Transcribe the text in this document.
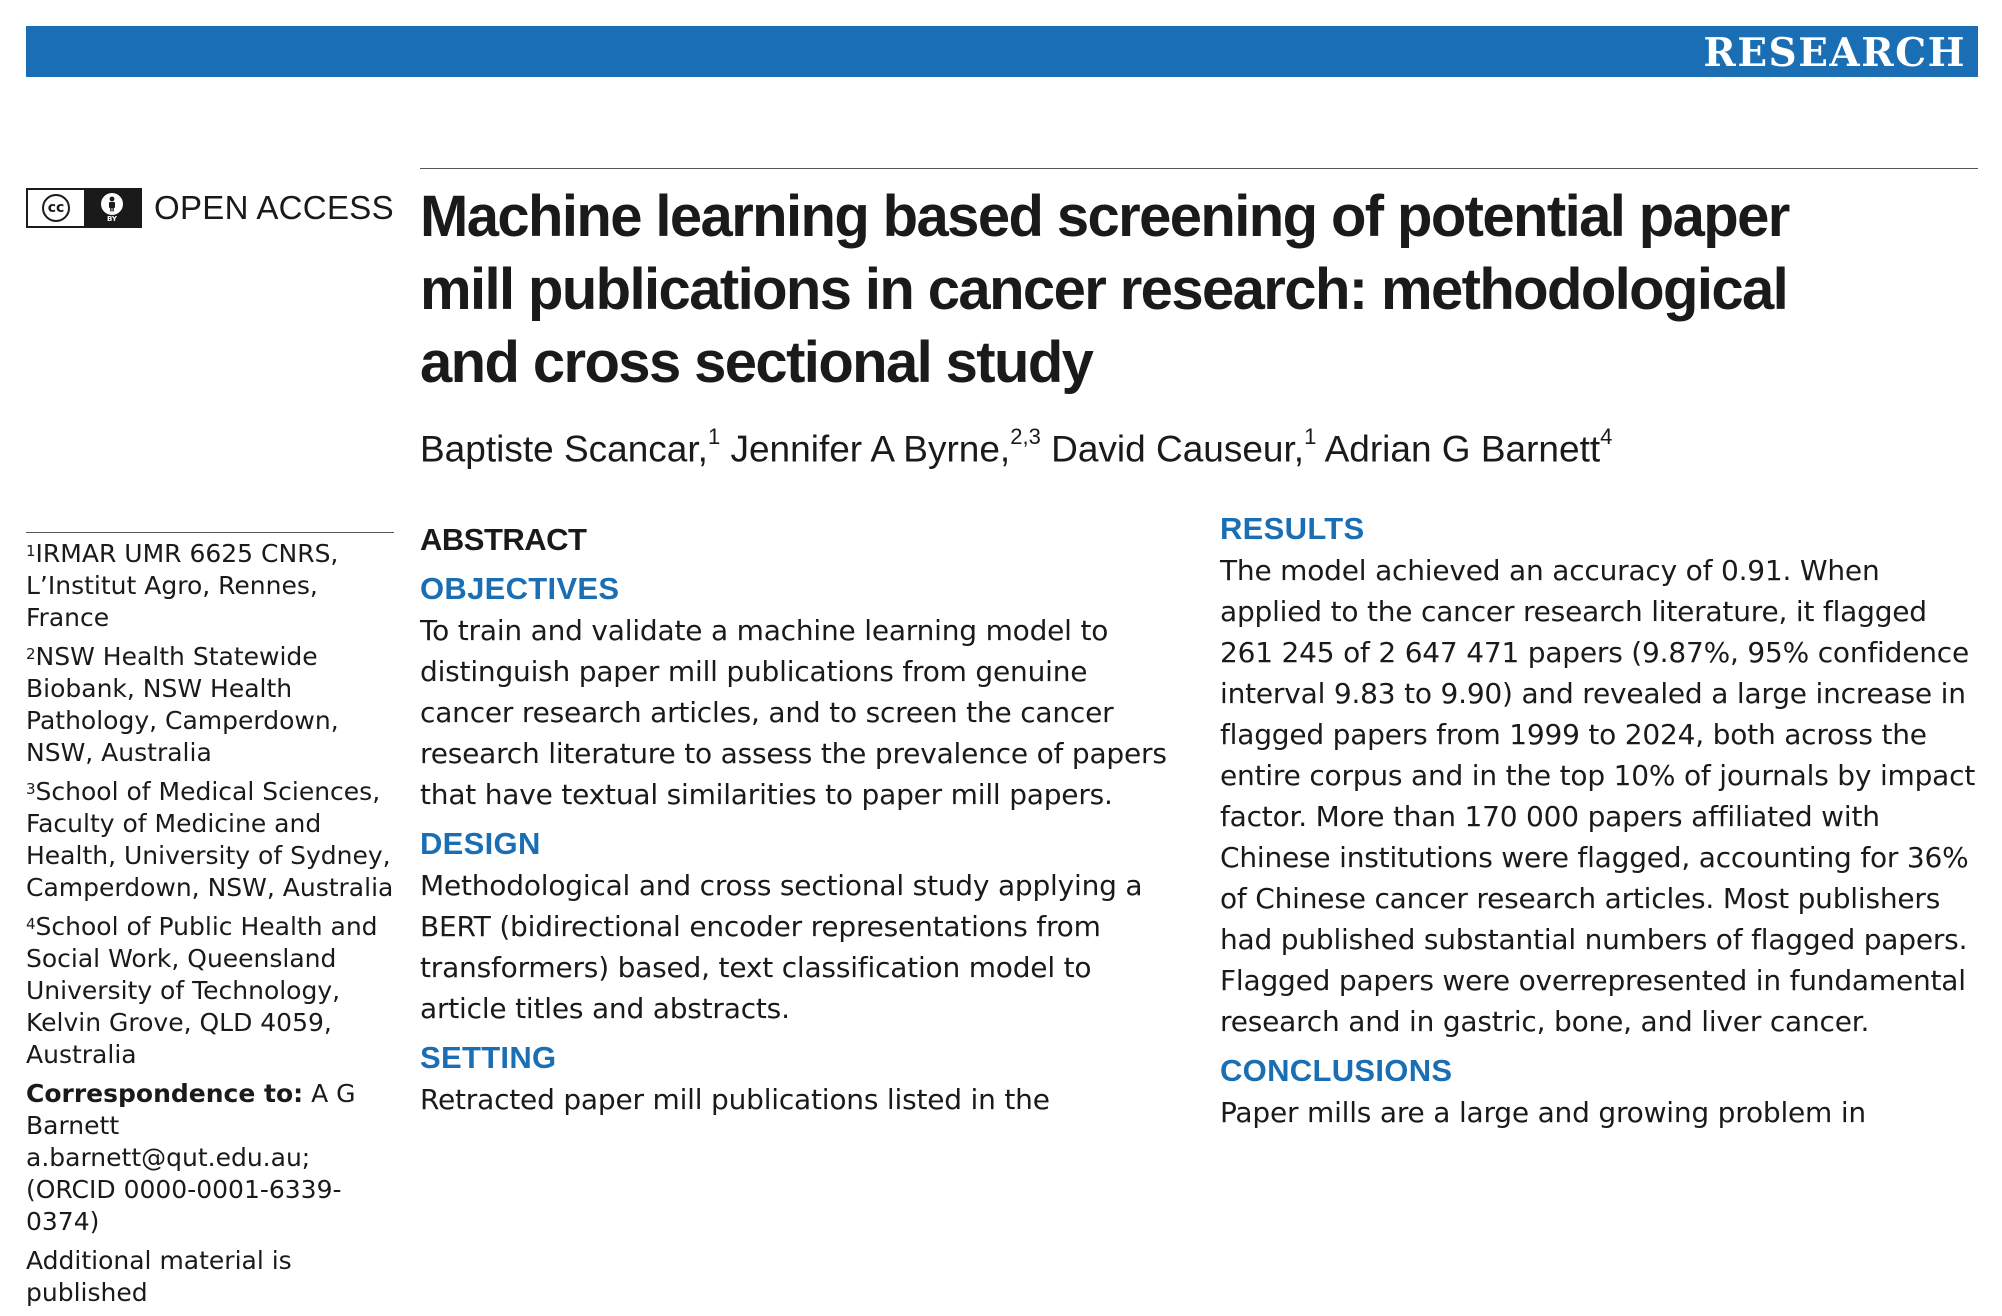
RESEARCH
cc
BY OPEN ACCESS Machine learning based screening of potential paper mill publications in cancer research: methodological and cross sectional study
Baptiste Scancar,$^1$ Jennifer A Byrne,$^{2,3}$ David Causeur,$^1$ Adrian G Barnett$^4$
$^1$IRMAR UMR 6625 CNRS, L’Institut Agro, Rennes, France
$^2$NSW Health Statewide Biobank, NSW Health Pathology, Camperdown, NSW, Australia
$^3$School of Medical Sciences, Faculty of Medicine and Health, University of Sydney, Camperdown, NSW, Australia
$^4$School of Public Health and Social Work, Queensland University of Technology, Kelvin Grove, QLD 4059, Australia
Correspondence to: A G Barnett
a.barnett@qut.edu.au;
(ORCID 0000-0001-6339-0374)
Additional material is published
ABSTRACT
OBJECTIVES

To train and validate a machine learning model to distinguish paper mill publications from genuine cancer research articles, and to screen the cancer research literature to assess the prevalence of papers that have textual similarities to paper mill papers.

DESIGN

Methodological and cross sectional study applying a BERT (bidirectional encoder representations from transformers) based, text classification model to article titles and abstracts.

SETTING

Retracted paper mill publications listed in the

RESULTS

The model achieved an accuracy of 0.91. When applied to the cancer research literature, it flagged 261 245 of 2 647 471 papers (9.87%, 95% confidence interval 9.83 to 9.90) and revealed a large increase in flagged papers from 1999 to 2024, both across the entire corpus and in the top 10% of journals by impact factor. More than 170 000 papers affiliated with Chinese institutions were flagged, accounting for 36% of Chinese cancer research articles. Most publishers had published substantial numbers of flagged papers. Flagged papers were overrepresented in fundamental research and in gastric, bone, and liver cancer.

CONCLUSIONS

Paper mills are a large and growing problem in
